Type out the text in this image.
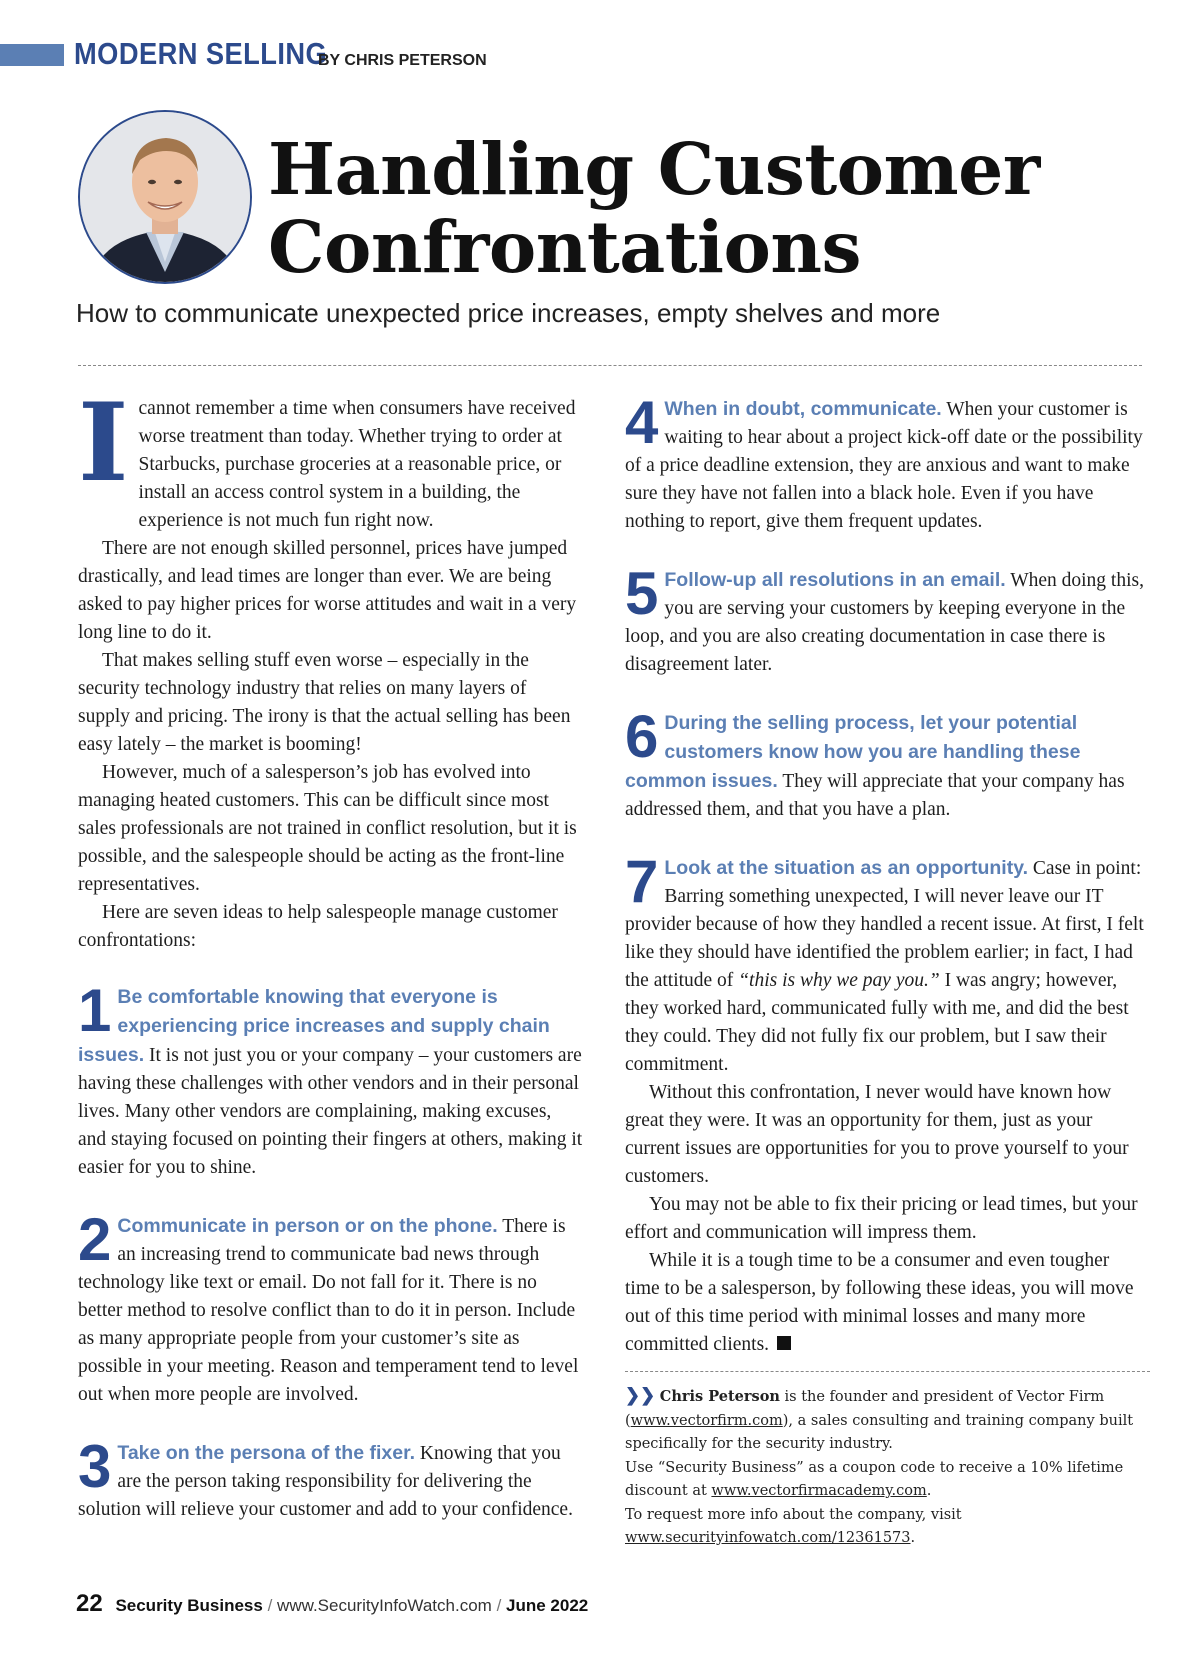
MODERN SELLING
BY CHRIS PETERSON
Handling Customer
Confrontations

How to communicate unexpected price increases, empty shelves and more

Icannot remember a time when consumers have received worse treatment than today. Whether trying to order at Starbucks, purchase groceries at a reasonable price, or install an access control system in a building, the experience is not much fun right now.

There are not enough skilled personnel, prices have jumped drastically, and lead times are longer than ever. We are being asked to pay higher prices for worse attitudes and wait in a very long line to do it.

That makes selling stuff even worse – especially in the security technology industry that relies on many layers of supply and pricing. The irony is that the actual selling has been easy lately – the market is booming!

However, much of a salesperson’s job has evolved into managing heated customers. This can be difficult since most sales professionals are not trained in conflict resolution, but it is possible, and the salespeople should be acting as the front-line representatives.

Here are seven ideas to help salespeople manage customer confrontations:

1 Be comfortable knowing that everyone is experiencing price increases and supply chain issues. It is not just you or your company – your customers are having these challenges with other vendors and in their personal lives. Many other vendors are complaining, making excuses, and staying focused on pointing their fingers at others, making it easier for you to shine.
2 Communicate in person or on the phone. There is an increasing trend to communicate bad news through technology like text or email. Do not fall for it. There is no better method to resolve conflict than to do it in person. Include as many appropriate people from your customer’s site as possible in your meeting. Reason and temperament tend to level out when more people are involved.
3 Take on the persona of the fixer. Knowing that you are the person taking responsibility for delivering the solution will relieve your customer and add to your confidence.
4 When in doubt, communicate. When your customer is waiting to hear about a project kick-off date or the possibility of a price deadline extension, they are anxious and want to make sure they have not fallen into a black hole. Even if you have nothing to report, give them frequent updates.
5 Follow-up all resolutions in an email. When doing this, you are serving your customers by keeping everyone in the loop, and you are also creating documentation in case there is disagreement later.
6 During the selling process, let your potential customers know how you are handling these common issues. They will appreciate that your company has addressed them, and that you have a plan.
7 Look at the situation as an opportunity. Case in point: Barring something unexpected, I will never leave our IT provider because of how they handled a recent issue. At first, I felt like they should have identified the problem earlier; in fact, I had the attitude of “this is why we pay you.” I was angry; however, they worked hard, communicated fully with me, and did the best they could. They did not fully fix our problem, but I saw their commitment.

Without this confrontation, I never would have known how great they were. It was an opportunity for them, just as your current issues are opportunities for you to prove yourself to your customers.

You may not be able to fix their pricing or lead times, but your effort and communication will impress them.

While it is a tough time to be a consumer and even tougher time to be a salesperson, by following these ideas, you will move out of this time period with minimal losses and many more committed clients.

❯❯ Chris Peterson is the founder and president of Vector Firm (www.vectorfirm.com), a sales consulting and training company built specifically for the security industry.
Use “Security Business” as a coupon code to receive a 10% lifetime discount at www.vectorfirmacademy.com.
To request more info about the company, visit
www.securityinfowatch.com/12361573.
22 Security Business / www.SecurityInfoWatch.com / June 2022
